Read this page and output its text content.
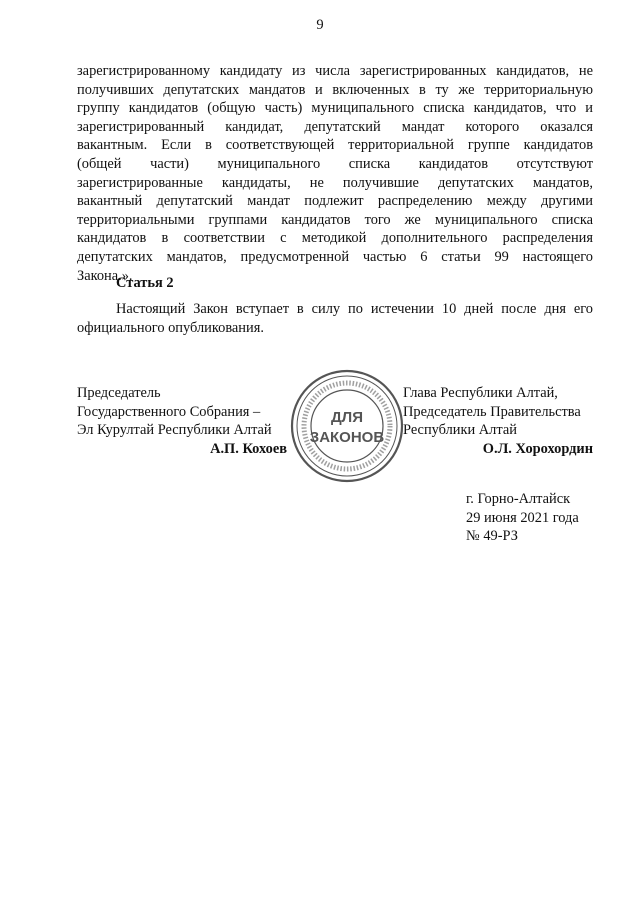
9

зарегистрированному кандидату из числа зарегистрированных кандидатов, не
получивших депутатских мандатов и включенных в ту же территориальную
группу кандидатов (общую часть) муниципального списка кандидатов, что и
зарегистрированный кандидат, депутатский мандат которого оказался
вакантным. Если в соответствующей территориальной группе кандидатов
(общей части) муниципального списка кандидатов отсутствуют
зарегистрированные кандидаты, не получившие депутатских мандатов,
вакантный депутатский мандат подлежит распределению между другими
территориальными группами кандидатов того же муниципального списка
кандидатов в соответствии с методикой дополнительного распределения
депутатских мандатов, предусмотренной частью 6 статьи 99 настоящего
Закона.».

Статья 2

Настоящий Закон вступает в силу по истечении 10 дней после дня его
официального опубликования.

Председатель
Государственного Собрания –
Эл Курултай Республики Алтай
А.П. Кохоев
ДЛЯ
ЗАКОНОВ
Глава Республики Алтай,
Председатель Правительства
Республики Алтай
О.Л. Хорохордин
г. Горно-Алтайск
29 июня 2021 года
№ 49-РЗ
